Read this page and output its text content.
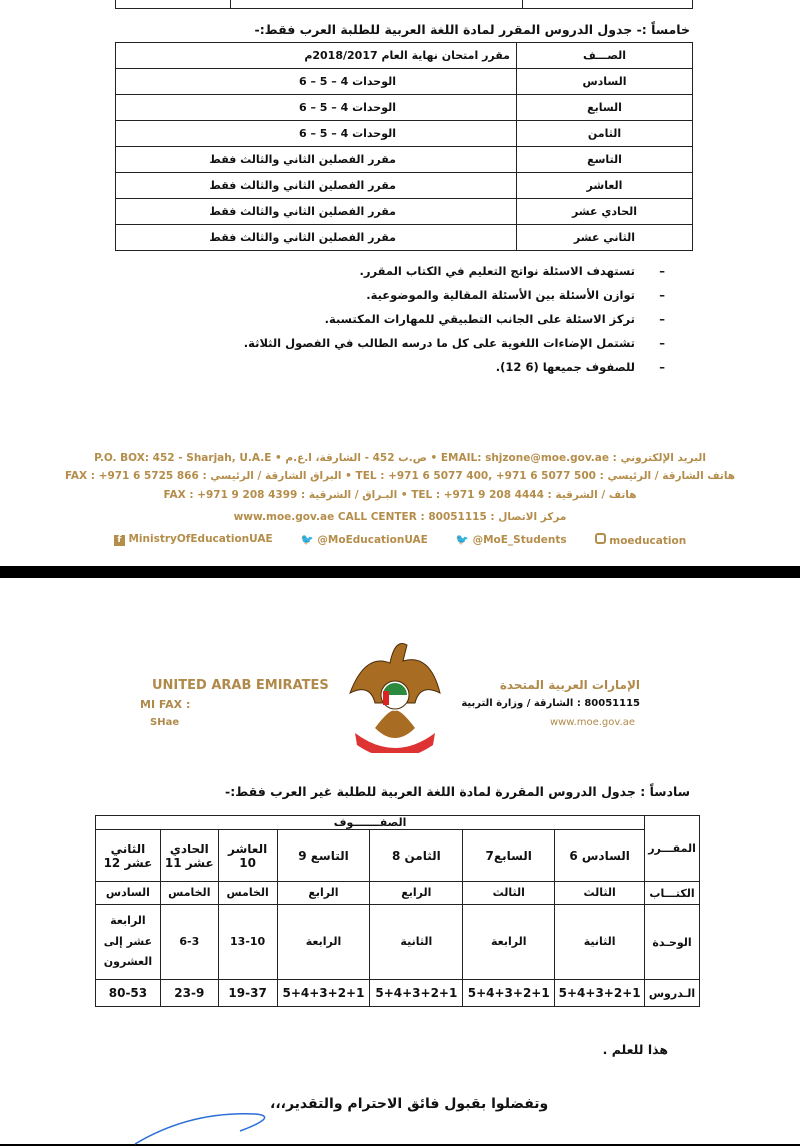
خامساً :- جدول الدروس المقرر لمادة اللغة العربية للطلبة العرب فقط:-
الصـــف	مقرر امتحان نهاية العام 2018/2017م
السادس	الوحدات 4 – 5 – 6
السابع	الوحدات 4 – 5 – 6
الثامن	الوحدات 4 – 5 – 6
التاسع	مقرر الفصلين الثاني والثالث فقط
العاشر	مقرر الفصلين الثاني والثالث فقط
الحادي عشر	مقرر الفصلين الثاني والثالث فقط
الثاني عشر	مقرر الفصلين الثاني والثالث فقط
–تستهدف الاسئلة نواتج التعليم في الكتاب المقرر.
–توازن الأسئلة بين الأسئلة المقالية والموضوعية.
–تركز الاسئلة على الجانب التطبيقي للمهارات المكتسبة.
–تشتمل الإضاءات اللغوية على كل ما درسه الطالب في الفصول الثلاثة.
–للصفوف جميعها (6 12).
P.O. BOX: 452 - Sharjah, U.A.E • ص.ب 452 - الشارقة، ا.ع.م • EMAIL: shjzone@moe.gov.ae : البريد الإلكتروني
FAX : +971 6 5725 866 : البراق الشارقة / الرئيسي • TEL : +971 6 5077 400, +971 6 5077 500 : هاتف الشارقة / الرئيسي
FAX : +971 9 208 4399 : البـراق / الشرقية • TEL : +971 9 208 4444 : هاتف / الشرقية
www.moe.gov.ae CALL CENTER : 80051115 : مركز الاتصال
f MinistryOfEducationUAE	🐦 @MoEducationUAE	🐦 @MoE_Students	moeducation
UNITED ARAB EMIRATES
MI FAX :
SHae
الإمارات العربية المتحدة
80051115 : الشارقة / وزارة التربية
www.moe.gov.ae
سادساً : جدول الدروس المقررة لمادة اللغة العربية للطلبة غير العرب فقط:-
المقـــرر	الصفـــــــوف						
	السادس 6	السابع7	الثامن 8	التاسع 9	العاشر 10	الحادي عشر 11	الثاني عشر 12
الكتـــاب	الثالث	الثالث	الرابع	الرابع	الخامس	الخامس	السادس
الوحـدة	الثانية	الرابعة	الثانية	الرابعة	13-10	6-3	الرابعة عشر إلى العشرون
الـدروس	5+4+3+2+1	5+4+3+2+1	5+4+3+2+1	5+4+3+2+1	19-37	23-9	80-53
هذا للعلم .
وتفضلوا بقبول فائق الاحترام والتقدير،،،
